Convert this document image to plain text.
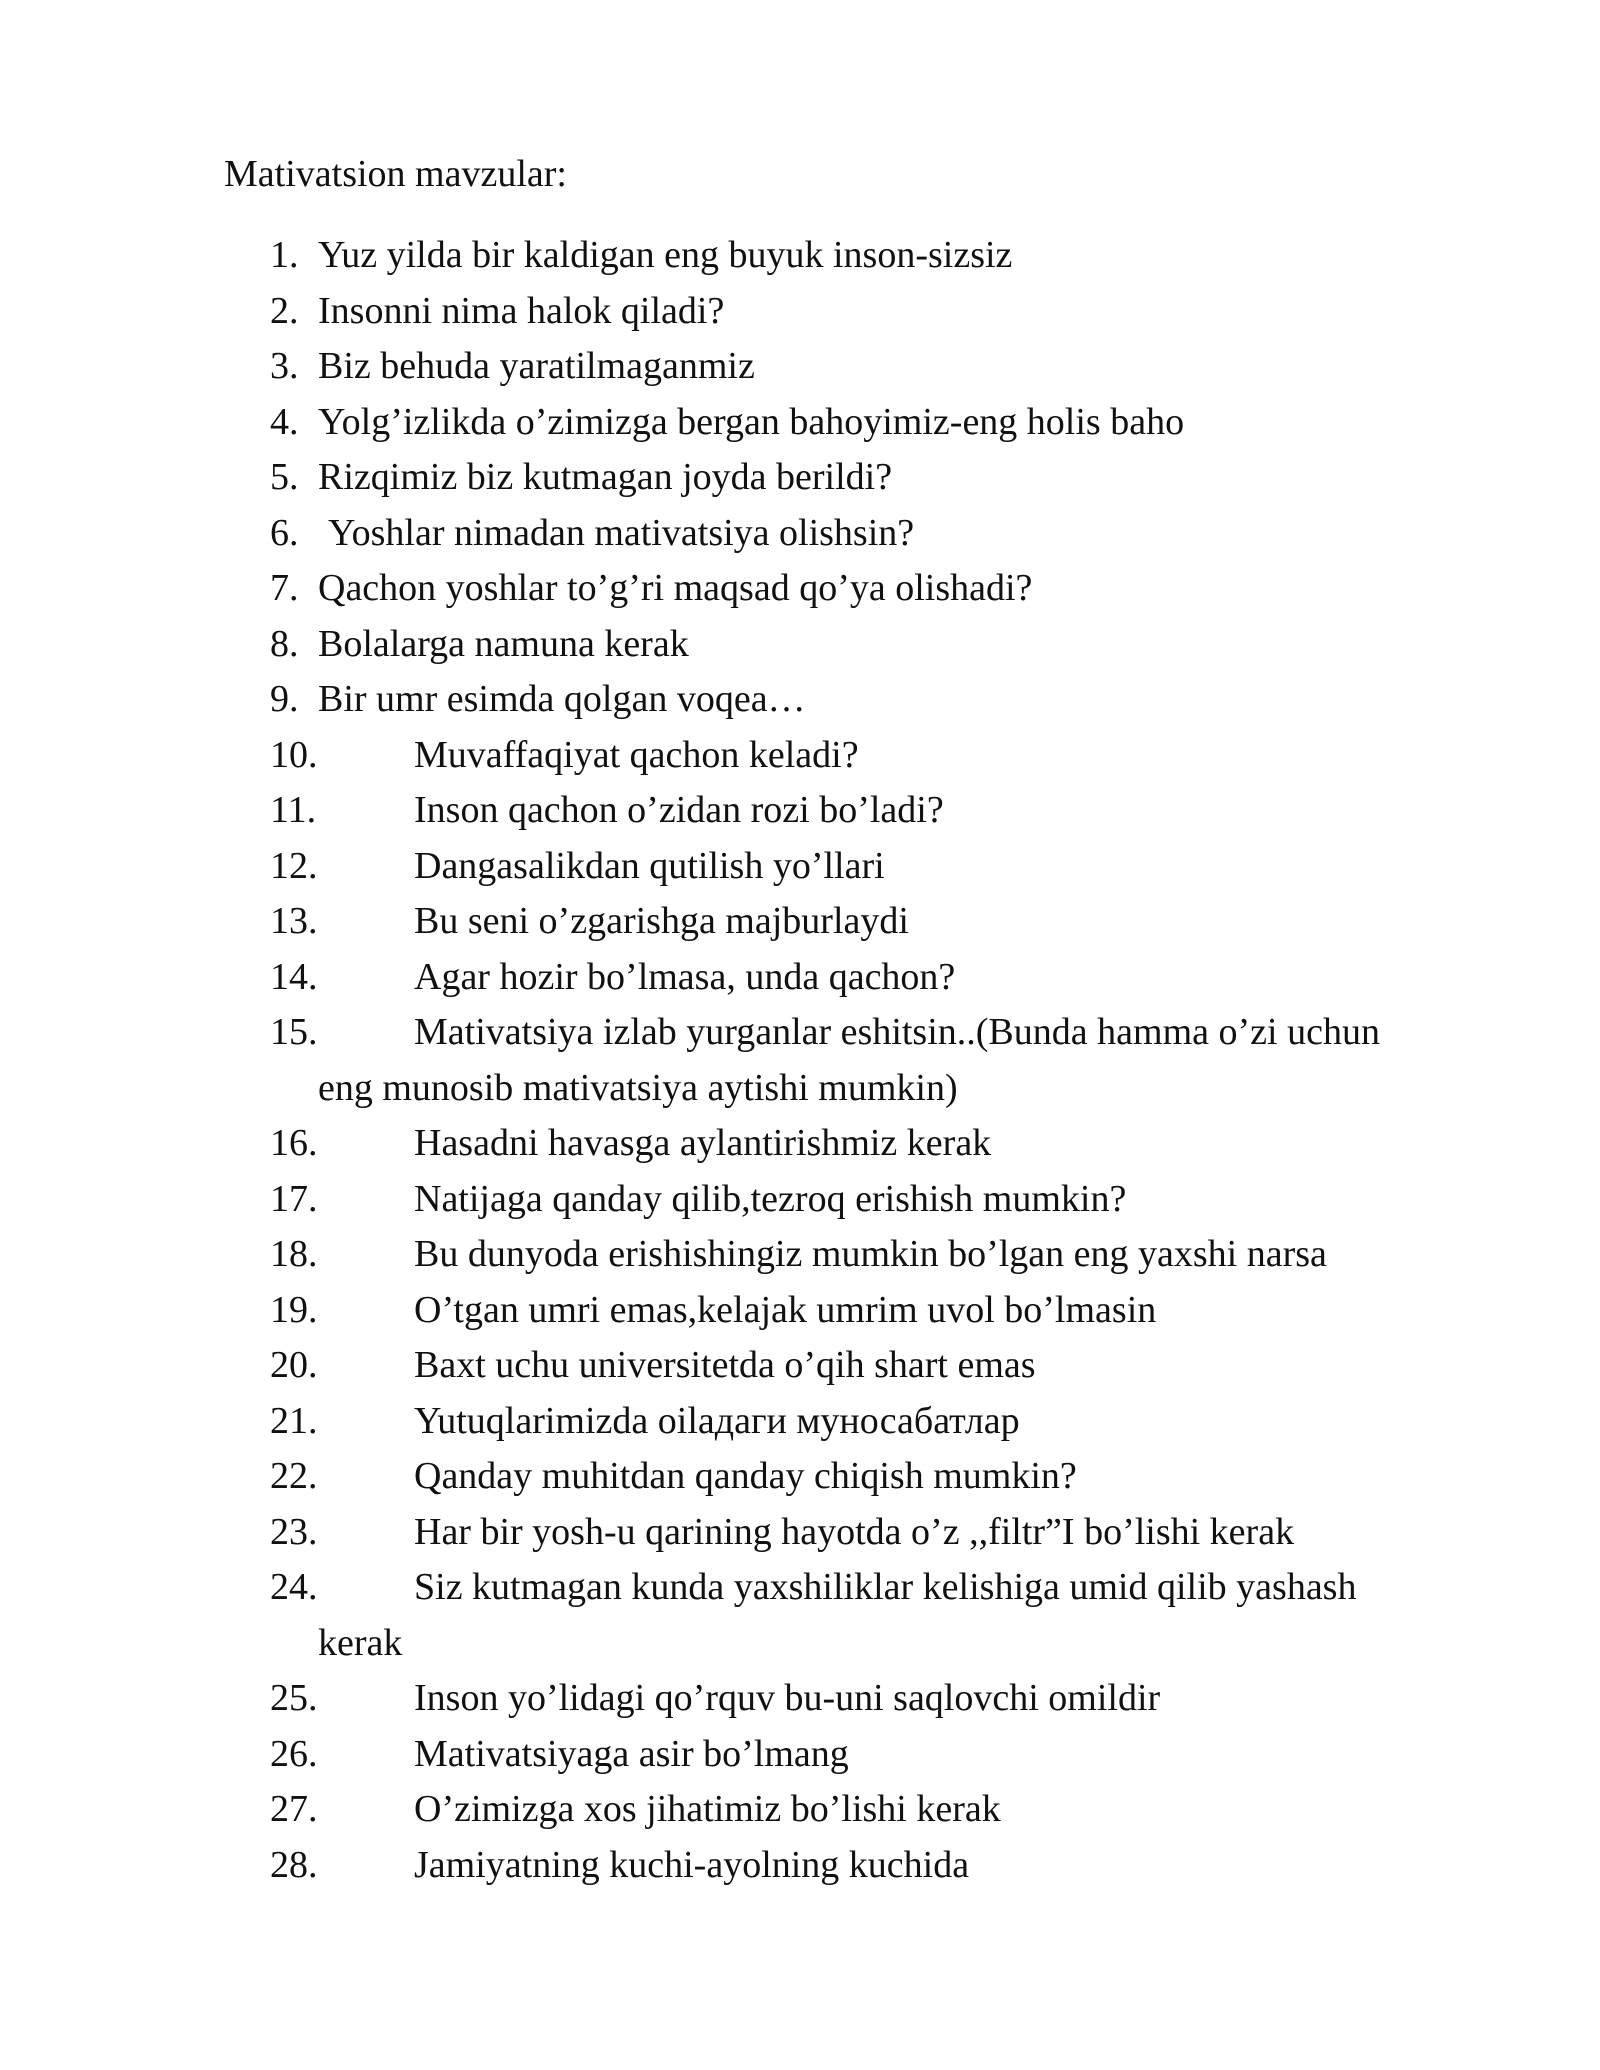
Mativatsion mavzular:
1. Yuz yilda bir kaldigan eng buyuk inson-sizsiz
2. Insonni nima halok qiladi?
3. Biz behuda yaratilmaganmiz
4. Yolg’izlikda o’zimizga bergan bahoyimiz-eng holis baho
5. Rizqimiz biz kutmagan joyda berildi?
6. Yoshlar nimadan mativatsiya olishsin?
7. Qachon yoshlar to’g’ri maqsad qo’ya olishadi?
8. Bolalarga namuna kerak
9. Bir umr esimda qolgan voqea…
10.	Muvaffaqiyat qachon keladi?
11.	Inson qachon o’zidan rozi bo’ladi?
12.	Dangasalikdan qutilish yo’llari
13.	Bu seni o’zgarishga majburlaydi
14.	Agar hozir bo’lmasa, unda qachon?
15.	Mativatsiya izlab yurganlar eshitsin..(Bunda hamma o’zi uchun
eng munosib mativatsiya aytishi mumkin)
16.	Hasadni havasga aylantirishmiz kerak
17.	Natijaga qanday qilib,tezroq erishish mumkin?
18.	Bu dunyoda erishishingiz mumkin bo’lgan eng yaxshi narsa
19.	O’tgan umri emas,kelajak umrim uvol bo’lmasin
20.	Baxt uchu universitetda o’qih shart emas
21.	Yutuqlarimizda oilaдаги муносабатлар
22.	Qanday muhitdan qanday chiqish mumkin?
23.	Har bir yosh-u qarining hayotda o’z ,,filtr”I bo’lishi kerak
24.	Siz kutmagan kunda yaxshiliklar kelishiga umid qilib yashash
kerak
25.	Inson yo’lidagi qo’rquv bu-uni saqlovchi omildir
26.	Mativatsiyaga asir bo’lmang
27.	O’zimizga xos jihatimiz bo’lishi kerak
28.	Jamiyatning kuchi-ayolning kuchida
